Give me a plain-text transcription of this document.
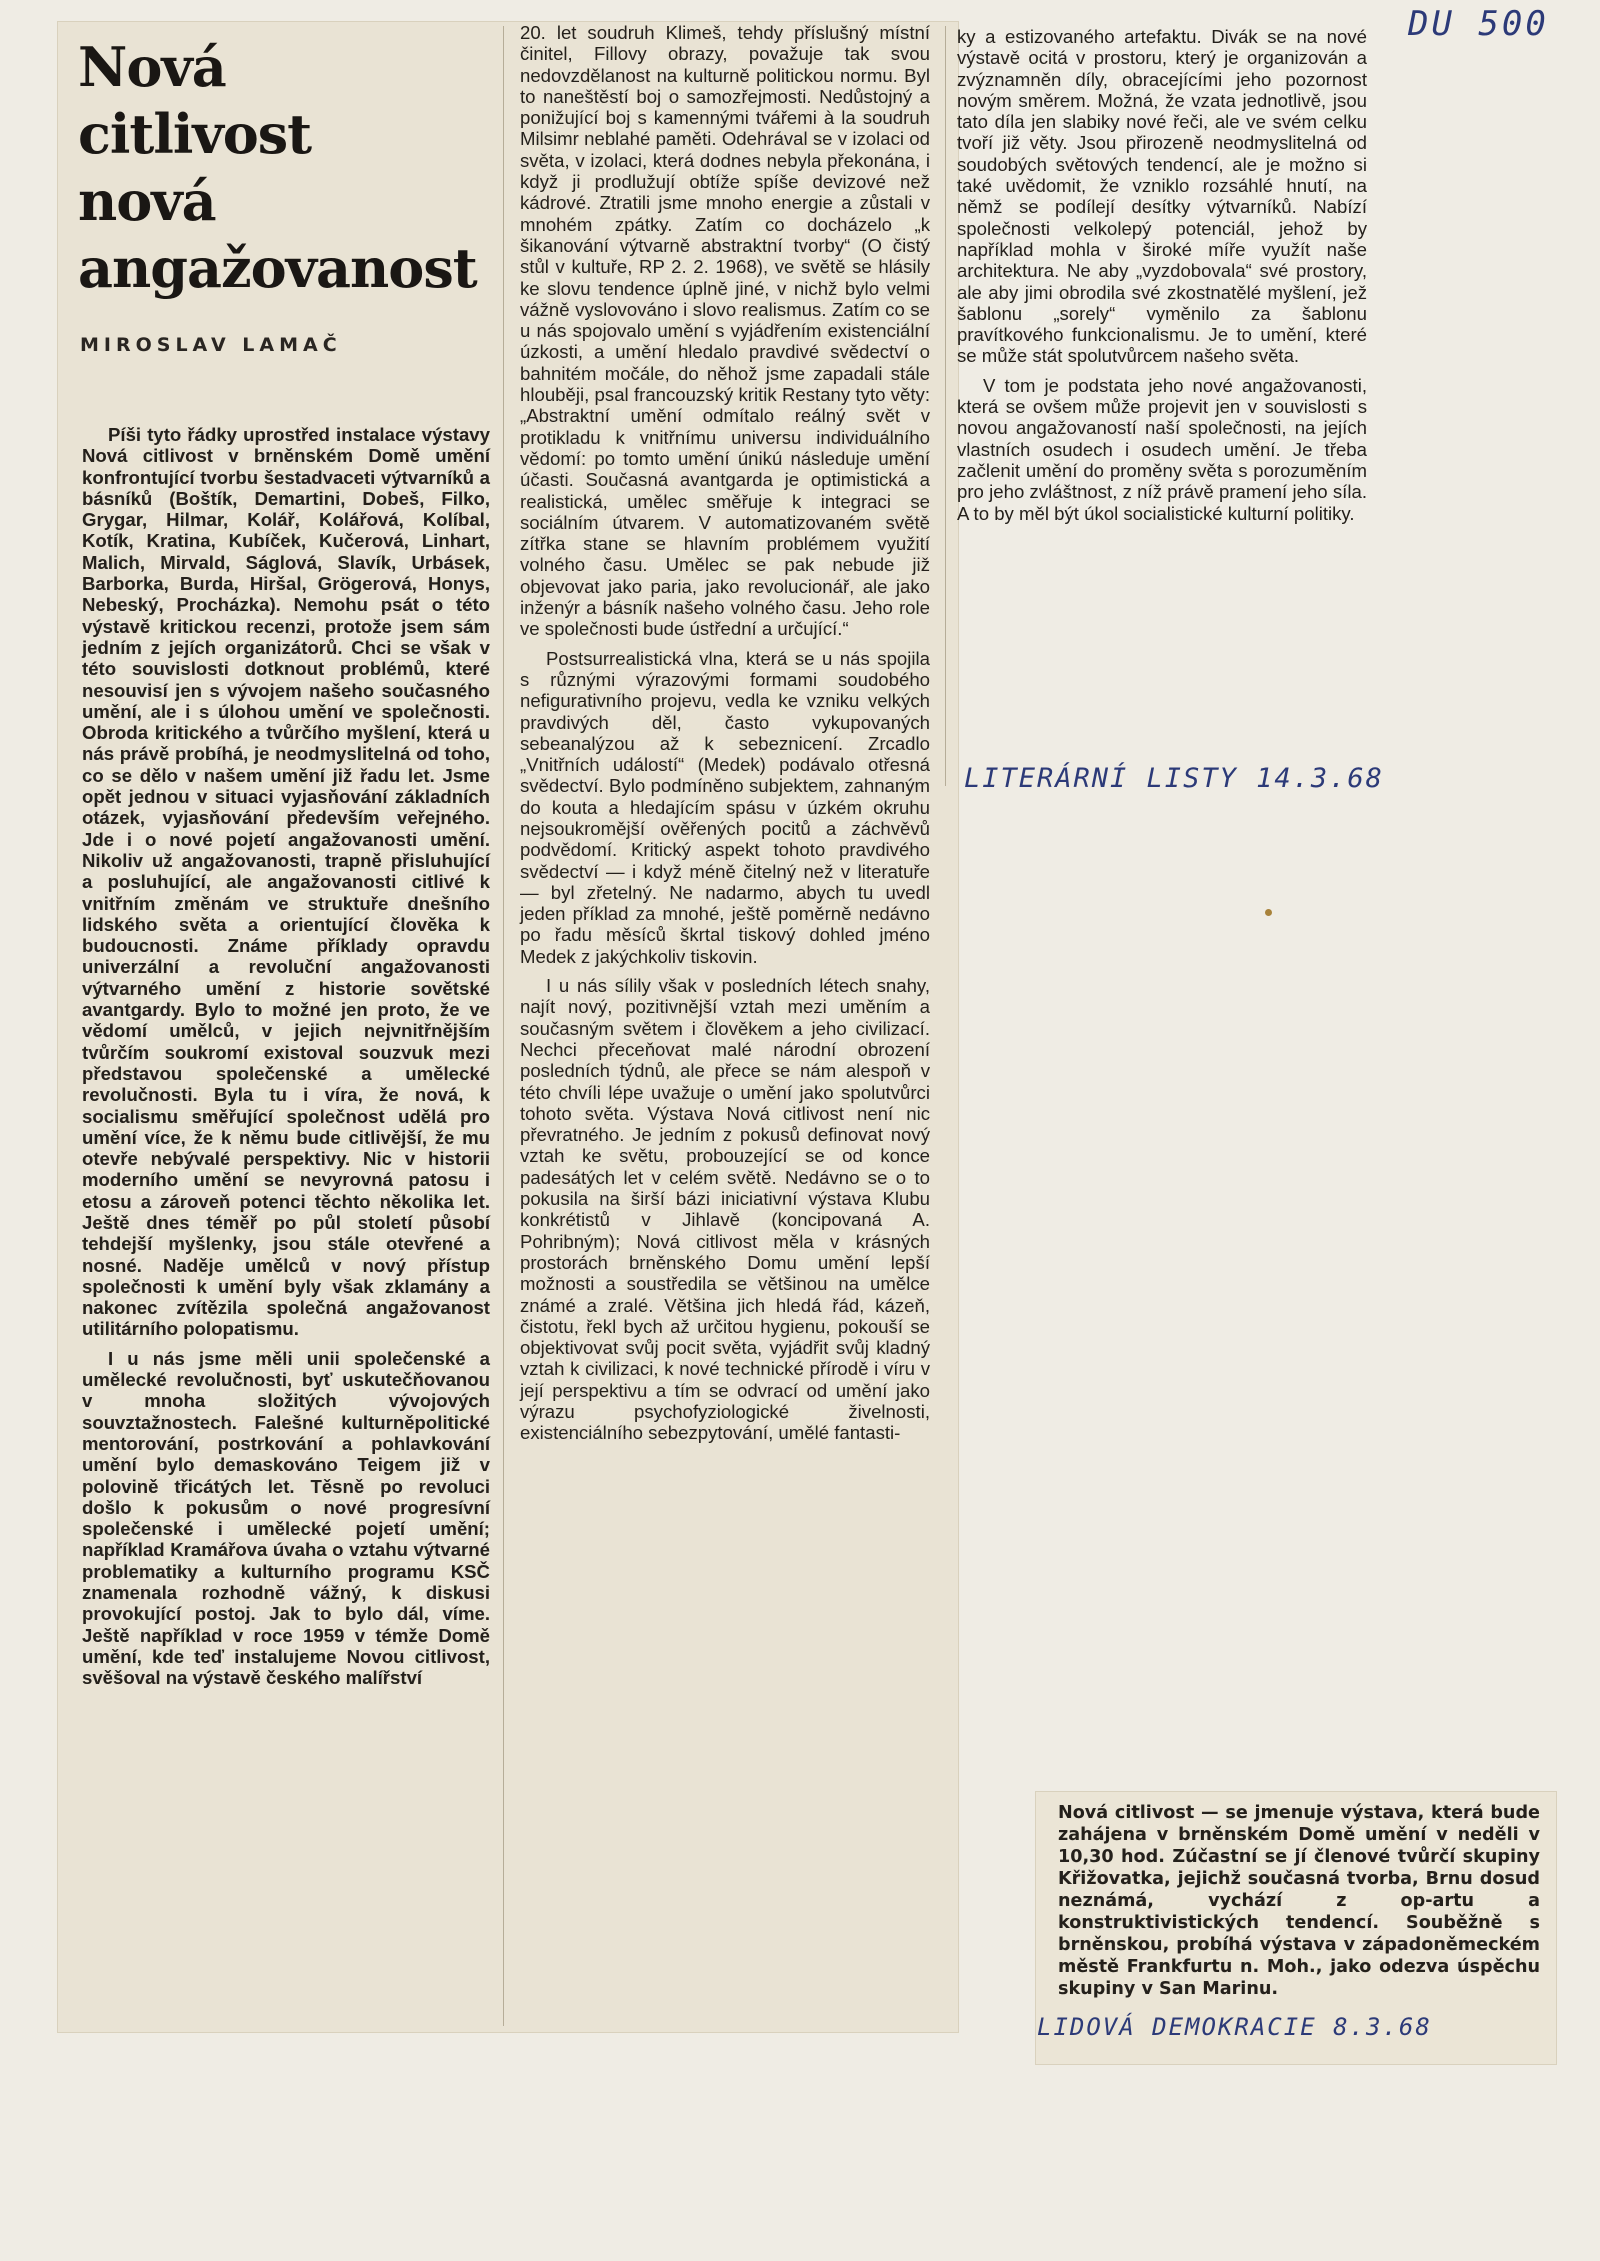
Nová
citlivost
nová
angažovanost
MIROSLAV LAMAČ

Píši tyto řádky uprostřed instalace výstavy Nová citlivost v brněnském Domě umění konfrontující tvorbu šestadvaceti výtvarníků a básníků (Boštík, Demartini, Dobeš, Filko, Grygar, Hilmar, Kolář, Kolářová, Kolíbal, Kotík, Kratina, Kubíček, Kučerová, Linhart, Malich, Mirvald, Ságlová, Slavík, Urbásek, Barborka, Burda, Hiršal, Grögerová, Honys, Nebeský, Procházka). Nemohu psát o této výstavě kritickou recenzi, protože jsem sám jedním z jejích organizátorů. Chci se však v této souvislosti dotknout problémů, které nesouvisí jen s vývojem našeho současného umění, ale i s úlohou umění ve společnosti. Obroda kritického a tvůrčího myšlení, která u nás právě probíhá, je neodmyslitelná od toho, co se dělo v našem umění již řadu let. Jsme opět jednou v situaci vyjasňování základních otázek, vyjasňování především veřejného. Jde i o nové pojetí angažovanosti umění. Nikoliv už angažovanosti, trapně přisluhující a posluhující, ale angažovanosti citlivé k vnitřním změnám ve struktuře dnešního lidského světa a orientující člověka k budoucnosti. Známe příklady opravdu univerzální a revoluční angažovanosti výtvarného umění z historie sovětské avantgardy. Bylo to možné jen proto, že ve vědomí umělců, v jejich nejvnitřnějším tvůrčím soukromí existoval souzvuk mezi představou společenské a umělecké revolučnosti. Byla tu i víra, že nová, k socialismu směřující společnost udělá pro umění více, že k němu bude citlivější, že mu otevře nebývalé perspektivy. Nic v historii moderního umění se nevyrovná patosu i etosu a zároveň potenci těchto několika let. Ještě dnes téměř po půl století působí tehdejší myšlenky, jsou stále otevřené a nosné. Naděje umělců v nový přístup společnosti k umění byly však zklamány a nakonec zvítězila společná angažovanost utilitárního polopatismu.

I u nás jsme měli unii společenské a umělecké revolučnosti, byť uskutečňovanou v mnoha složitých vývojových souvztažnostech. Falešné kulturněpolitické mentorování, postrkování a pohlavkování umění bylo demaskováno Teigem již v polovině třicátých let. Těsně po revoluci došlo k pokusům o nové progresívní společenské i umělecké pojetí umění; například Kramářova úvaha o vztahu výtvarné problematiky a kulturního programu KSČ znamenala rozhodně vážný, k diskusi provokující postoj. Jak to bylo dál, víme. Ještě například v roce 1959 v témže Domě umění, kde teď instalujeme Novou citlivost, svěšoval na výstavě českého malířství

20. let soudruh Klimeš, tehdy příslušný místní činitel, Fillovy obrazy, považuje tak svou nedovzdělanost na kulturně politickou normu. Byl to naneštěstí boj o samozřejmosti. Nedůstojný a ponižující boj s kamennými tvářemi à la soudruh Milsimr neblahé paměti. Odehrával se v izolaci od světa, v izolaci, která dodnes nebyla překonána, i když ji prodlužují obtíže spíše devizové než kádrové. Ztratili jsme mnoho energie a zůstali v mnohém zpátky. Zatím co docházelo „k šikanování výtvarně abstraktní tvorby“ (O čistý stůl v kultuře, RP 2. 2. 1968), ve světě se hlásily ke slovu tendence úplně jiné, v nichž bylo velmi vážně vyslovováno i slovo realismus. Zatím co se u nás spojovalo umění s vyjádřením existenciální úzkosti, a umění hledalo pravdivé svědectví o bahnitém močále, do něhož jsme zapadali stále hlouběji, psal francouzský kritik Restany tyto věty: „Abstraktní umění odmítalo reálný svět v protikladu k vnitřnímu universu individuálního vědomí: po tomto umění únikú následuje umění účasti. Současná avantgarda je optimistická a realistická, umělec směřuje k integraci se sociálním útvarem. V automatizovaném světě zítřka stane se hlavním problémem využití volného času. Umělec se pak nebude již objevovat jako paria, jako revolucionář, ale jako inženýr a básník našeho volného času. Jeho role ve společnosti bude ústřední a určující.“

Postsurrealistická vlna, která se u nás spojila s různými výrazovými formami soudobého nefigurativního projevu, vedla ke vzniku velkých pravdivých děl, často vykupovaných sebeanalýzou až k sebeznicení. Zrcadlo „Vnitřních událostí“ (Medek) podávalo otřesná svědectví. Bylo podmíněno subjektem, zahnaným do kouta a hledajícím spásu v úzkém okruhu nejsoukromější ověřených pocitů a záchvěvů podvědomí. Kritický aspekt tohoto pravdivého svědectví — i když méně čitelný než v literatuře — byl zřetelný. Ne nadarmo, abych tu uvedl jeden příklad za mnohé, ještě poměrně nedávno po řadu měsíců škrtal tiskový dohled jméno Medek z jakýchkoliv tiskovin.

I u nás sílily však v posledních létech snahy, najít nový, pozitivnější vztah mezi uměním a současným světem i člověkem a jeho civilizací. Nechci přeceňovat malé národní obrození posledních týdnů, ale přece se nám alespoň v této chvíli lépe uvažuje o umění jako spolutvůrci tohoto světa. Výstava Nová citlivost není nic převratného. Je jedním z pokusů definovat nový vztah ke světu, probouzející se od konce padesátých let v celém světě. Nedávno se o to pokusila na širší bázi iniciativní výstava Klubu konkrétistů v Jihlavě (koncipovaná A. Pohribným); Nová citlivost měla v krásných prostorách brněnského Domu umění lepší možnosti a soustředila se většinou na umělce známé a zralé. Většina jich hledá řád, kázeň, čistotu, řekl bych až určitou hygienu, pokouší se objektivovat svůj pocit světa, vyjádřit svůj kladný vztah k civilizaci, k nové technické přírodě i víru v její perspektivu a tím se odvrací od umění jako výrazu psychofyziologické živelnosti, existenciálního sebezpytování, umělé fantasti-

ky a estizovaného artefaktu. Divák se na nové výstavě ocitá v prostoru, který je organizován a zvýznamněn díly, obracejícími jeho pozornost novým směrem. Možná, že vzata jednotlivě, jsou tato díla jen slabiky nové řeči, ale ve svém celku tvoří již věty. Jsou přirozeně neodmyslitelná od soudobých světových tendencí, ale je možno si také uvědomit, že vzniklo rozsáhlé hnutí, na němž se podílejí desítky výtvarníků. Nabízí společnosti velkolepý potenciál, jehož by například mohla v široké míře využít naše architektura. Ne aby „vyzdobovala“ své prostory, ale aby jimi obrodila své zkostnatělé myšlení, jež šablonu „sorely“ vyměnilo za šablonu pravítkového funkcionalismu. Je to umění, které se může stát spolutvůrcem našeho světa.

V tom je podstata jeho nové angažovanosti, která se ovšem může projevit jen v souvislosti s novou angažovaností naší společnosti, na jejích vlastních osudech i osudech umění. Je třeba začlenit umění do proměny světa s porozuměním pro jeho zvláštnost, z níž právě pramení jeho síla. A to by měl být úkol socialistické kulturní politiky.

DU 500
LITERÁRNÍ LISTY 14.3.68

Nová citlivost — se jmenuje výstava, která bude zahájena v brněnském Domě umění v neděli v 10,30 hod. Zúčastní se jí členové tvůrčí skupiny Křižovatka, jejichž současná tvorba, Brnu dosud neznámá, vychází z op-artu a konstruktivistických tendencí. Souběžně s brněnskou, probíhá výstava v západoněmeckém městě Frankfurtu n. Moh., jako odezva úspěchu skupiny v San Marinu.

LIDOVÁ DEMOKRACIE 8.3.68
